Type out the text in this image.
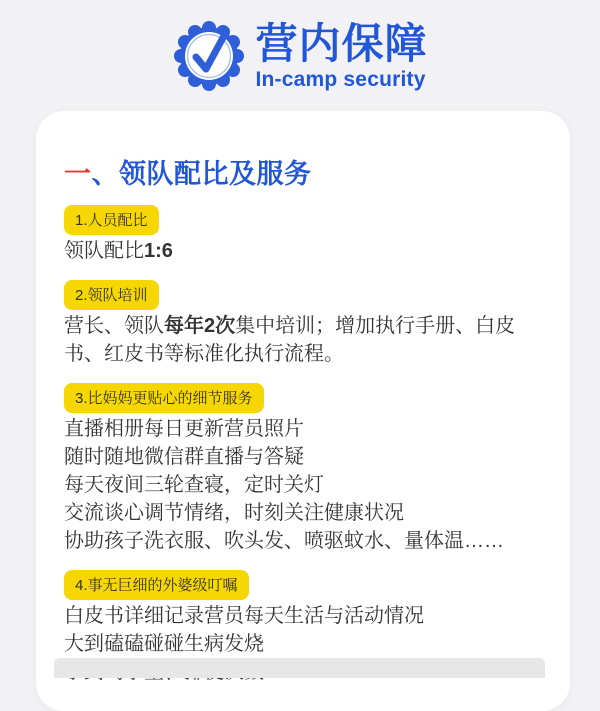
营内保障
In-camp security
一、领队配比及服务
1.人员配比

领队配比1:6

2.领队培训

营长、领队每年2次集中培训；增加执行手册、白皮书、红皮书等标准化执行流程。

3.比妈妈更贴心的细节服务

直播相册每日更新营员照片

随时随地微信群直播与答疑

每天夜间三轮查寝，定时关灯

交流谈心调节情绪，时刻关注健康状况

协助孩子洗衣服、吹头发、喷驱蚊水、量体温……

4.事无巨细的外婆级叮嘱

白皮书详细记录营员每天生活与活动情况

大到磕磕碰碰生病发烧
